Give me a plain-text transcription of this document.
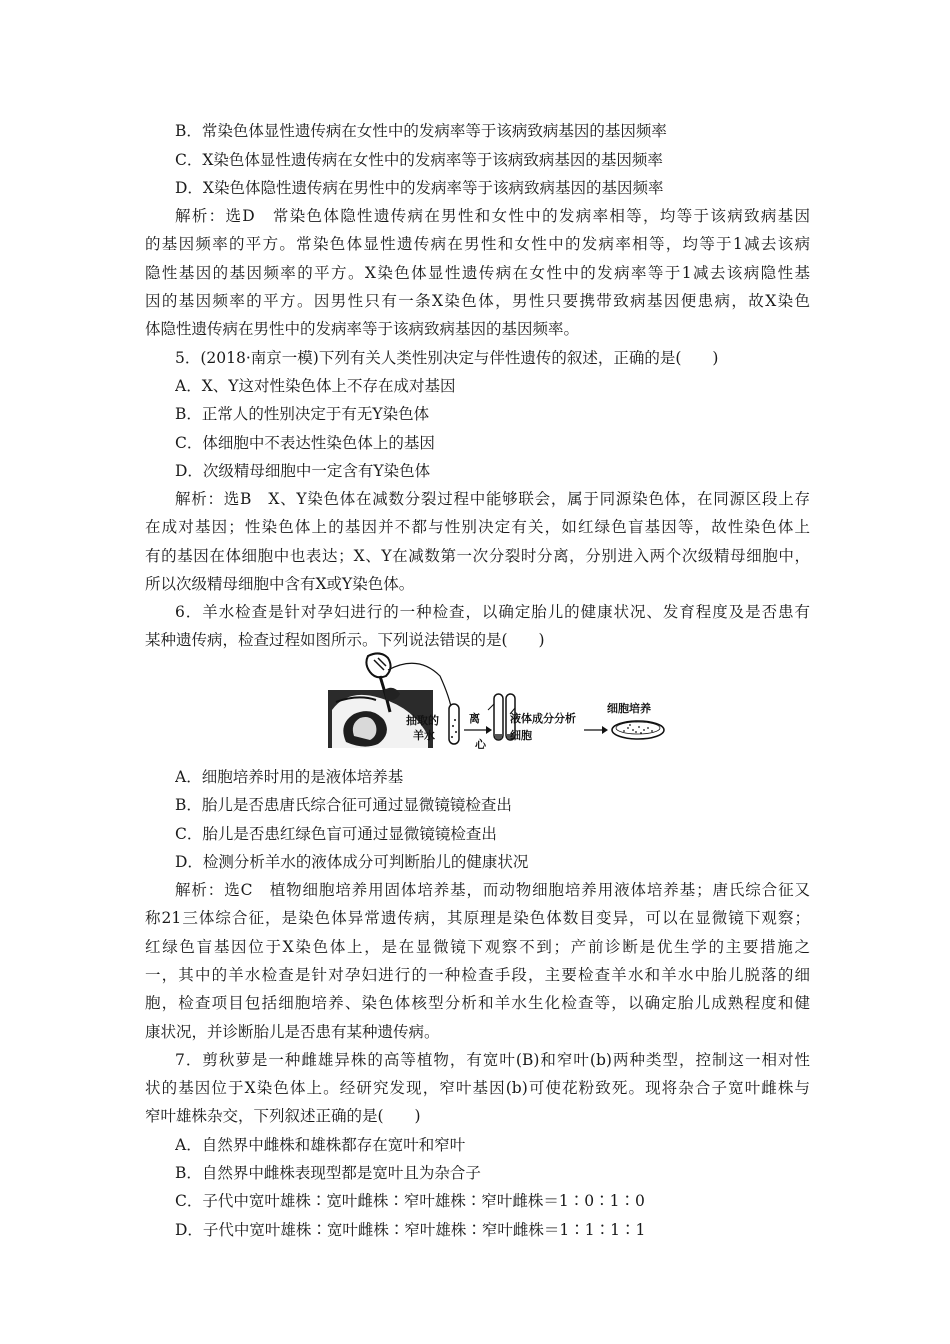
B．常染色体显性遗传病在女性中的发病率等于该病致病基因的基因频率
C．X染色体显性遗传病在女性中的发病率等于该病致病基因的基因频率
D．X染色体隐性遗传病在男性中的发病率等于该病致病基因的基因频率
解析：选D　常染色体隐性遗传病在男性和女性中的发病率相等，均等于该病致病基因
的基因频率的平方。常染色体显性遗传病在男性和女性中的发病率相等，均等于1减去该病
隐性基因的基因频率的平方。X染色体显性遗传病在女性中的发病率等于1减去该病隐性基
因的基因频率的平方。因男性只有一条X染色体，男性只要携带致病基因便患病，故X染色
体隐性遗传病在男性中的发病率等于该病致病基因的基因频率。
5．(2018·南京一模)下列有关人类性别决定与伴性遗传的叙述，正确的是(　　)
A．X、Y这对性染色体上不存在成对基因
B．正常人的性别决定于有无Y染色体
C．体细胞中不表达性染色体上的基因
D．次级精母细胞中一定含有Y染色体
解析：选B　X、Y染色体在减数分裂过程中能够联会，属于同源染色体，在同源区段上存
在成对基因；性染色体上的基因并不都与性别决定有关，如红绿色盲基因等，故性染色体上
有的基因在体细胞中也表达；X、Y在减数第一次分裂时分离，分别进入两个次级精母细胞中，
所以次级精母细胞中含有X或Y染色体。
6．羊水检查是针对孕妇进行的一种检查，以确定胎儿的健康状况、发育程度及是否患有
某种遗传病，检查过程如图所示。下列说法错误的是(　　)
抽取的
羊水
离
心
液体成分分析
细胞
细胞培养
A．细胞培养时用的是液体培养基
B．胎儿是否患唐氏综合征可通过显微镜镜检查出
C．胎儿是否患红绿色盲可通过显微镜镜检查出
D．检测分析羊水的液体成分可判断胎儿的健康状况
解析：选C　植物细胞培养用固体培养基，而动物细胞培养用液体培养基；唐氏综合征又
称21三体综合征，是染色体异常遗传病，其原理是染色体数目变异，可以在显微镜下观察；
红绿色盲基因位于X染色体上，是在显微镜下观察不到；产前诊断是优生学的主要措施之
一，其中的羊水检查是针对孕妇进行的一种检查手段，主要检查羊水和羊水中胎儿脱落的细
胞，检查项目包括细胞培养、染色体核型分析和羊水生化检查等，以确定胎儿成熟程度和健
康状况，并诊断胎儿是否患有某种遗传病。
7．剪秋萝是一种雌雄异株的高等植物，有宽叶(B)和窄叶(b)两种类型，控制这一相对性
状的基因位于X染色体上。经研究发现，窄叶基因(b)可使花粉致死。现将杂合子宽叶雌株与
窄叶雄株杂交，下列叙述正确的是(　　)
A．自然界中雌株和雄株都存在宽叶和窄叶
B．自然界中雌株表现型都是宽叶且为杂合子
C．子代中宽叶雄株∶宽叶雌株∶窄叶雄株∶窄叶雌株＝1∶0∶1∶0
D．子代中宽叶雄株∶宽叶雌株∶窄叶雄株∶窄叶雌株＝1∶1∶1∶1
